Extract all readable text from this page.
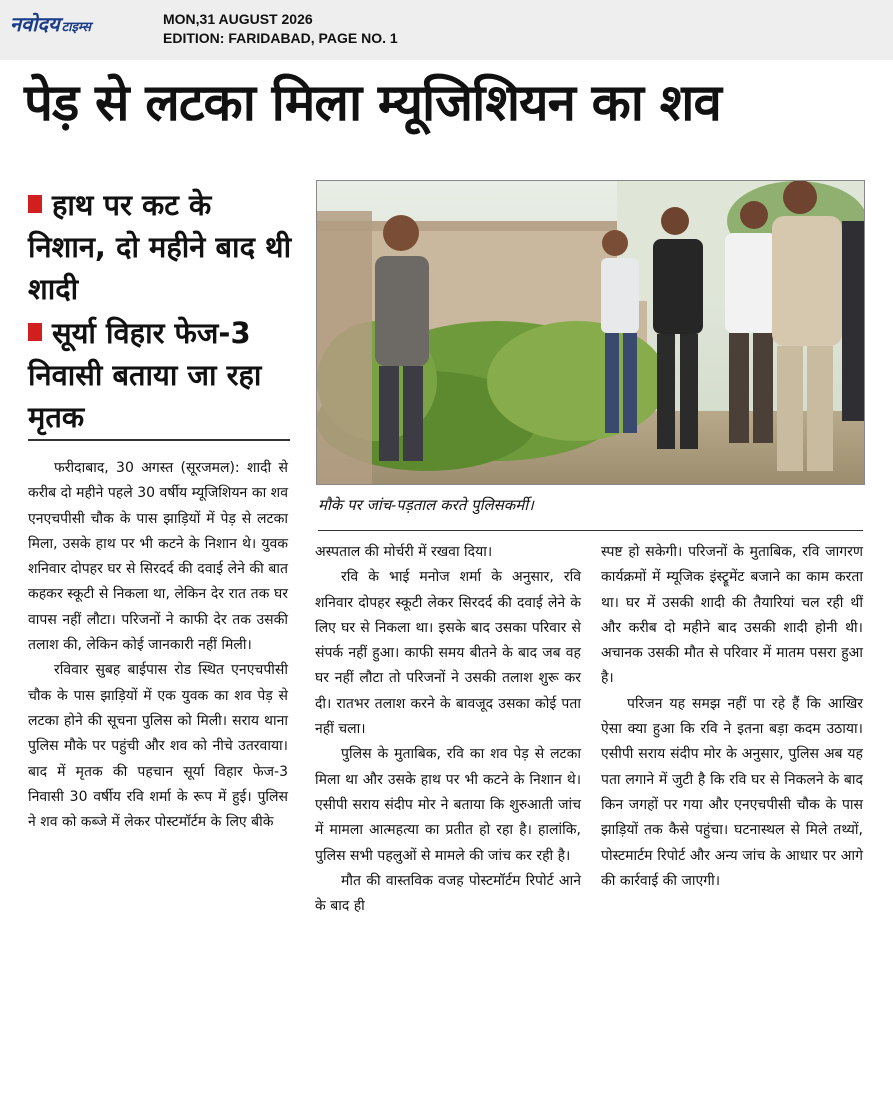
नवोदय टाइम्स
MON,31 AUGUST 2026
EDITION: FARIDABAD, PAGE NO. 1
पेड़ से लटका मिला म्यूजिशियन का शव
हाथ पर कट के निशान, दो महीने बाद थी शादी
सूर्या विहार फेज-3 निवासी बताया जा रहा मृतक
मौके पर जांच-पड़ताल करते पुलिसकर्मी।

फरीदाबाद, 30 अगस्त (सूरजमल): शादी से करीब दो महीने पहले 30 वर्षीय म्यूजिशियन का शव एनएचपीसी चौक के पास झाड़ियों में पेड़ से लटका मिला, उसके हाथ पर भी कटने के निशान थे। युवक शनिवार दोपहर घर से सिरदर्द की दवाई लेने की बात कहकर स्कूटी से निकला था, लेकिन देर रात तक घर वापस नहीं लौटा। परिजनों ने काफी देर तक उसकी तलाश की, लेकिन कोई जानकारी नहीं मिली।

रविवार सुबह बाईपास रोड स्थित एनएचपीसी चौक के पास झाड़ियों में एक युवक का शव पेड़ से लटका होने की सूचना पुलिस को मिली। सराय थाना पुलिस मौके पर पहुंची और शव को नीचे उतरवाया। बाद में मृतक की पहचान सूर्या विहार फेज-3 निवासी 30 वर्षीय रवि शर्मा के रूप में हुई। पुलिस ने शव को कब्जे में लेकर पोस्टमॉर्टम के लिए बीके

अस्पताल की मोर्चरी में रखवा दिया।

रवि के भाई मनोज शर्मा के अनुसार, रवि शनिवार दोपहर स्कूटी लेकर सिरदर्द की दवाई लेने के लिए घर से निकला था। इसके बाद उसका परिवार से संपर्क नहीं हुआ। काफी समय बीतने के बाद जब वह घर नहीं लौटा तो परिजनों ने उसकी तलाश शुरू कर दी। रातभर तलाश करने के बावजूद उसका कोई पता नहीं चला।

पुलिस के मुताबिक, रवि का शव पेड़ से लटका मिला था और उसके हाथ पर भी कटने के निशान थे। एसीपी सराय संदीप मोर ने बताया कि शुरुआती जांच में मामला आत्महत्या का प्रतीत हो रहा है। हालांकि, पुलिस सभी पहलुओं से मामले की जांच कर रही है।

मौत की वास्तविक वजह पोस्टमॉर्टम रिपोर्ट आने के बाद ही

स्पष्ट हो सकेगी। परिजनों के मुताबिक, रवि जागरण कार्यक्रमों में म्यूजिक इंस्ट्रूमेंट बजाने का काम करता था। घर में उसकी शादी की तैयारियां चल रही थीं और करीब दो महीने बाद उसकी शादी होनी थी। अचानक उसकी मौत से परिवार में मातम पसरा हुआ है।

परिजन यह समझ नहीं पा रहे हैं कि आखिर ऐसा क्या हुआ कि रवि ने इतना बड़ा कदम उठाया। एसीपी सराय संदीप मोर के अनुसार, पुलिस अब यह पता लगाने में जुटी है कि रवि घर से निकलने के बाद किन जगहों पर गया और एनएचपीसी चौक के पास झाड़ियों तक कैसे पहुंचा। घटनास्थल से मिले तथ्यों, पोस्टमार्टम रिपोर्ट और अन्य जांच के आधार पर आगे की कार्रवाई की जाएगी।
